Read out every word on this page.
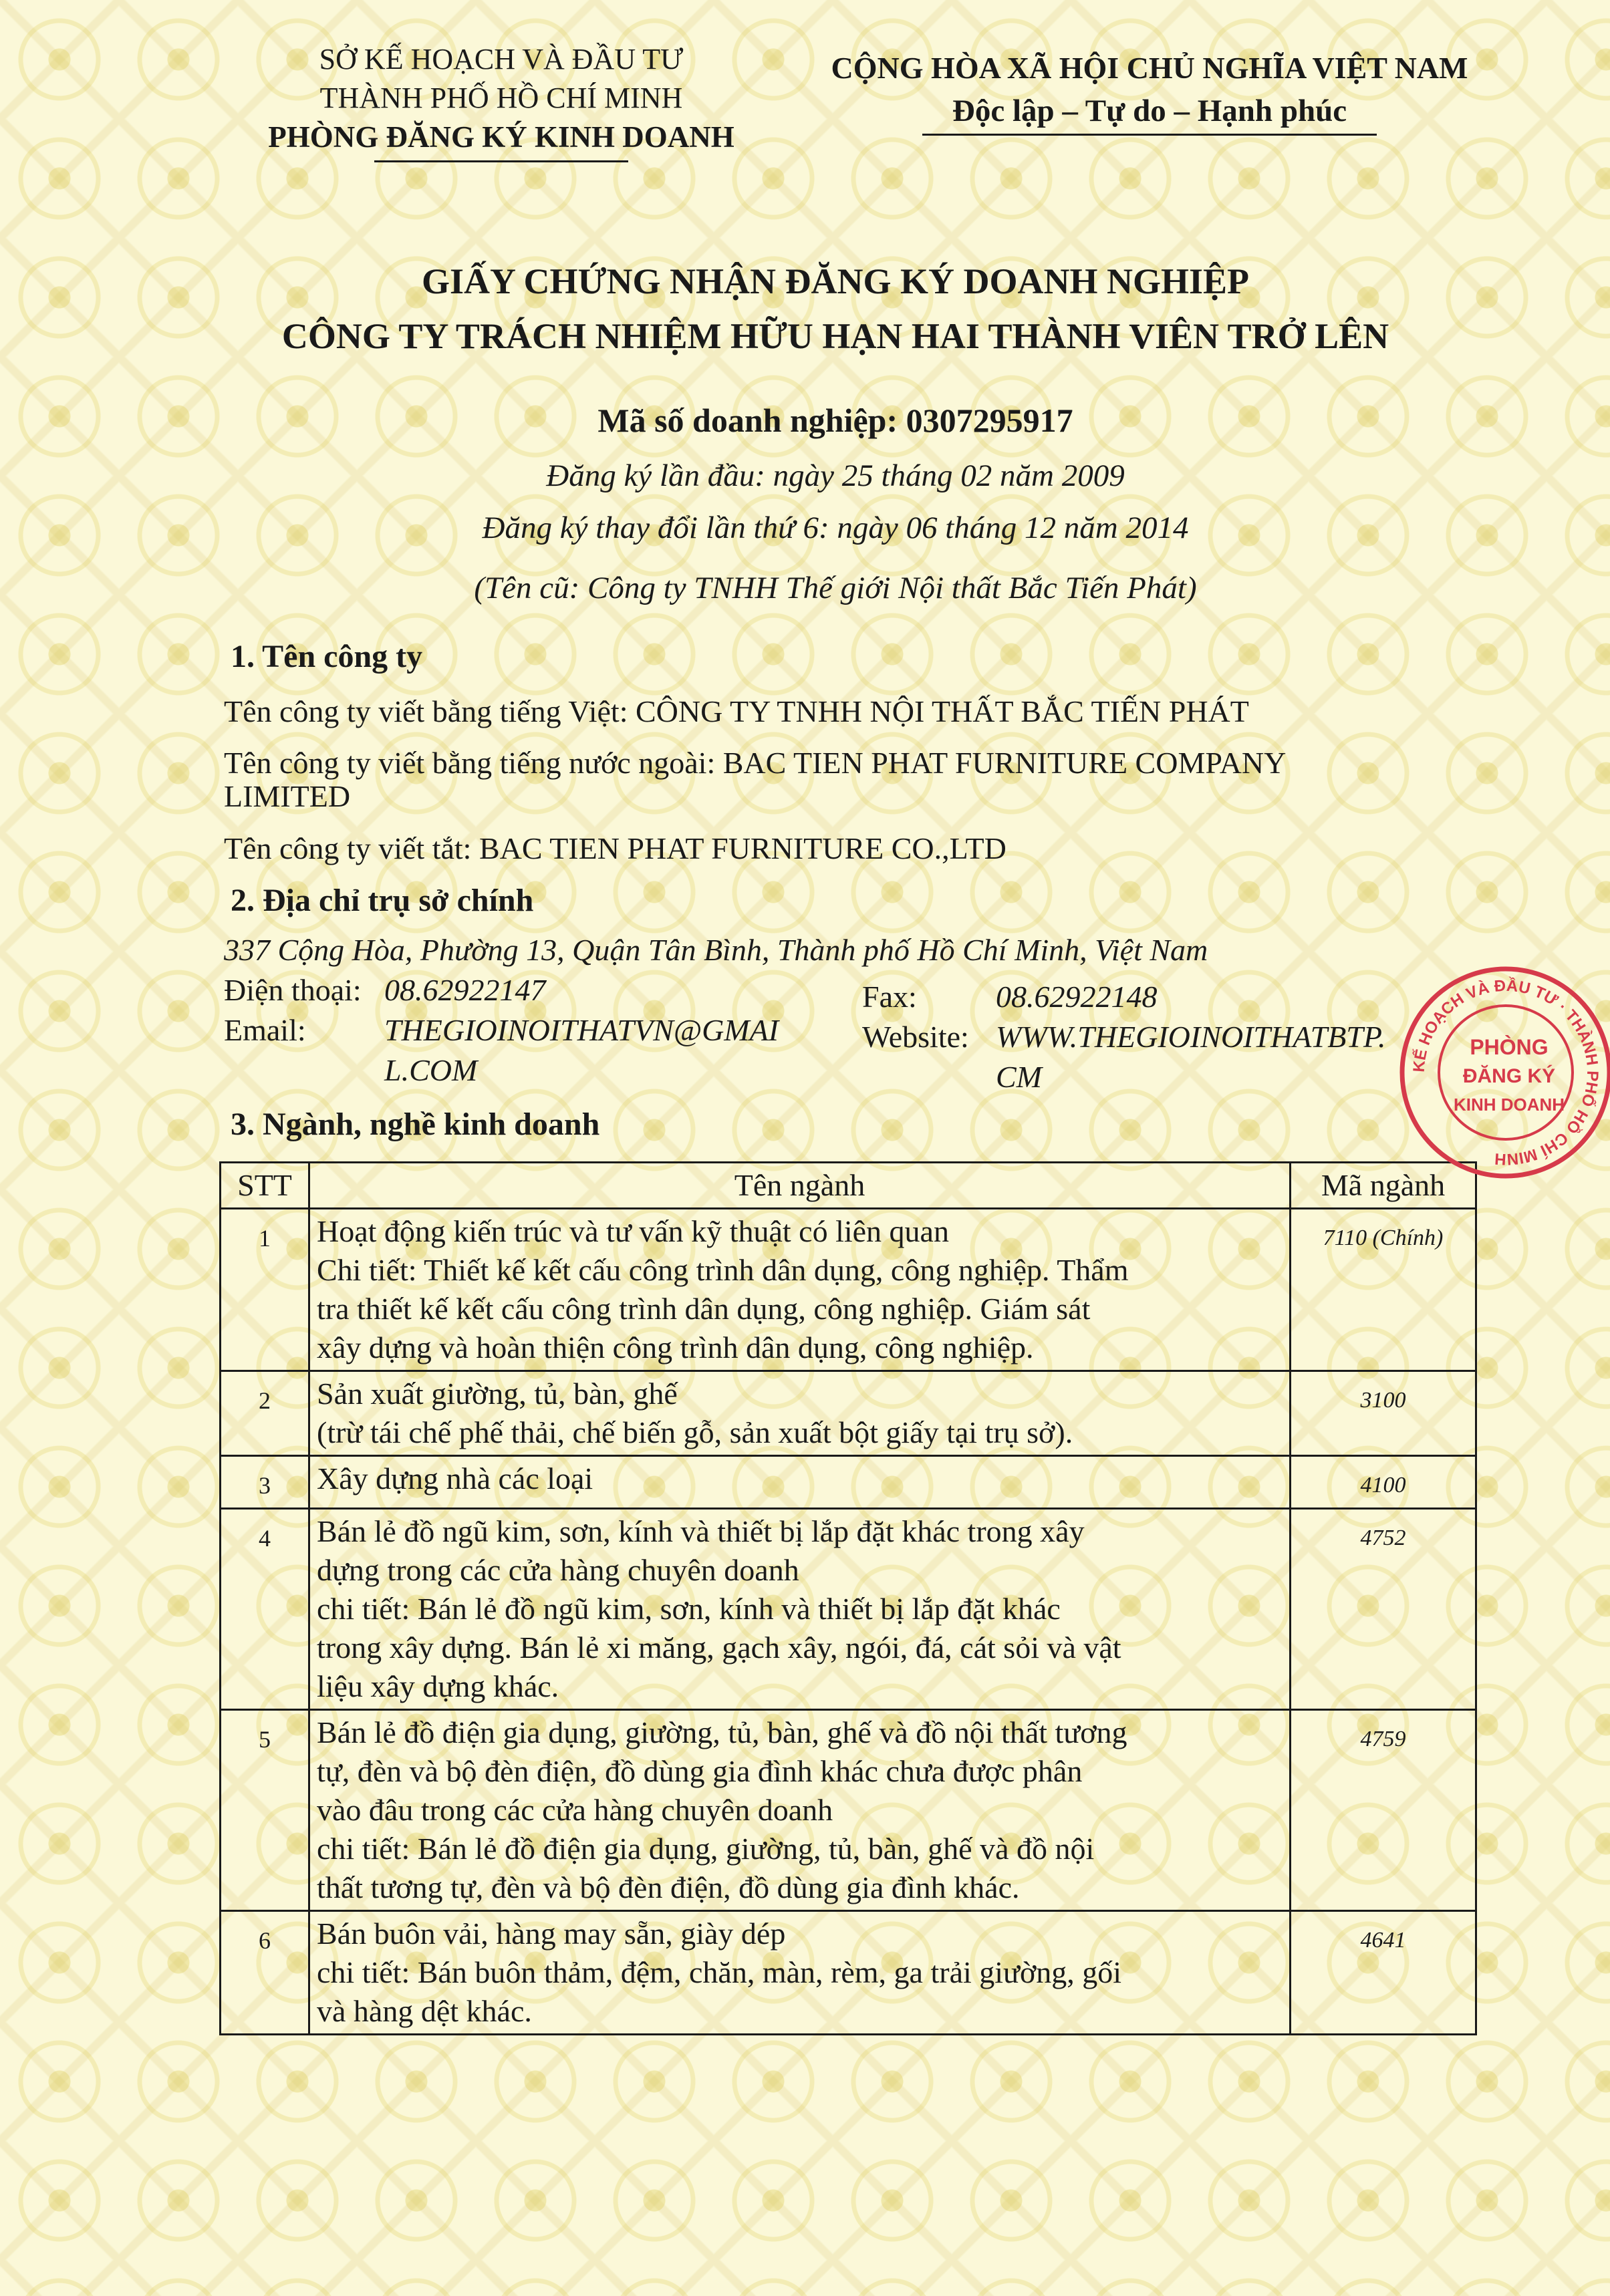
SỞ KẾ HOẠCH VÀ ĐẦU TƯ
THÀNH PHỐ HỒ CHÍ MINH
PHÒNG ĐĂNG KÝ KINH DOANH
CỘNG HÒA XÃ HỘI CHỦ NGHĨA VIỆT NAM
Độc lập – Tự do – Hạnh phúc
GIẤY CHỨNG NHẬN ĐĂNG KÝ DOANH NGHIỆP
CÔNG TY TRÁCH NHIỆM HỮU HẠN HAI THÀNH VIÊN TRỞ LÊN
Mã số doanh nghiệp: 0307295917
Đăng ký lần đầu: ngày 25 tháng 02 năm 2009
Đăng ký thay đổi lần thứ 6: ngày 06 tháng 12 năm 2014
(Tên cũ: Công ty TNHH Thế giới Nội thất Bắc Tiến Phát)
1. Tên công ty
Tên công ty viết bằng tiếng Việt: CÔNG TY TNHH NỘI THẤT BẮC TIẾN PHÁT
Tên công ty viết bằng tiếng nước ngoài: BAC TIEN PHAT FURNITURE COMPANY
LIMITED
Tên công ty viết tắt: BAC TIEN PHAT FURNITURE CO.,LTD
2. Địa chỉ trụ sở chính
337 Cộng Hòa, Phường 13, Quận Tân Bình, Thành phố Hồ Chí Minh, Việt Nam
Điện thoại: 08.62922147	Fax:	08.62922148
Email:	THEGIOINOITHATVN@GMAI
L.COM
Website: WWW.THEGIOINOITHATBTP.
CM
3. Ngành, nghề kinh doanh
STT	Tên ngành	Mã ngành
1	Hoạt động kiến trúc và tư vấn kỹ thuật có liên quan
Chi tiết: Thiết kế kết cấu công trình dân dụng, công nghiệp. Thẩm
tra thiết kế kết cấu công trình dân dụng, công nghiệp. Giám sát
xây dựng và hoàn thiện công trình dân dụng, công nghiệp.	7110 (Chính)
2	Sản xuất giường, tủ, bàn, ghế
(trừ tái chế phế thải, chế biến gỗ, sản xuất bột giấy tại trụ sở).	3100
3	Xây dựng nhà các loại	4100
4	Bán lẻ đồ ngũ kim, sơn, kính và thiết bị lắp đặt khác trong xây
dựng trong các cửa hàng chuyên doanh
chi tiết: Bán lẻ đồ ngũ kim, sơn, kính và thiết bị lắp đặt khác
trong xây dựng. Bán lẻ xi măng, gạch xây, ngói, đá, cát sỏi và vật
liệu xây dựng khác.	4752
5	Bán lẻ đồ điện gia dụng, giường, tủ, bàn, ghế và đồ nội thất tương
tự, đèn và bộ đèn điện, đồ dùng gia đình khác chưa được phân
vào đâu trong các cửa hàng chuyên doanh
chi tiết: Bán lẻ đồ điện gia dụng, giường, tủ, bàn, ghế và đồ nội
thất tương tự, đèn và bộ đèn điện, đồ dùng gia đình khác.	4759
6	Bán buôn vải, hàng may sẵn, giày dép
chi tiết: Bán buôn thảm, đệm, chăn, màn, rèm, ga trải giường, gối
và hàng dệt khác.	4641
KẾ HOẠCH VÀ ĐẦU TƯ · THÀNH PHỐ HỒ CHÍ MINH
PHÒNG
ĐĂNG KÝ
KINH DOANH
